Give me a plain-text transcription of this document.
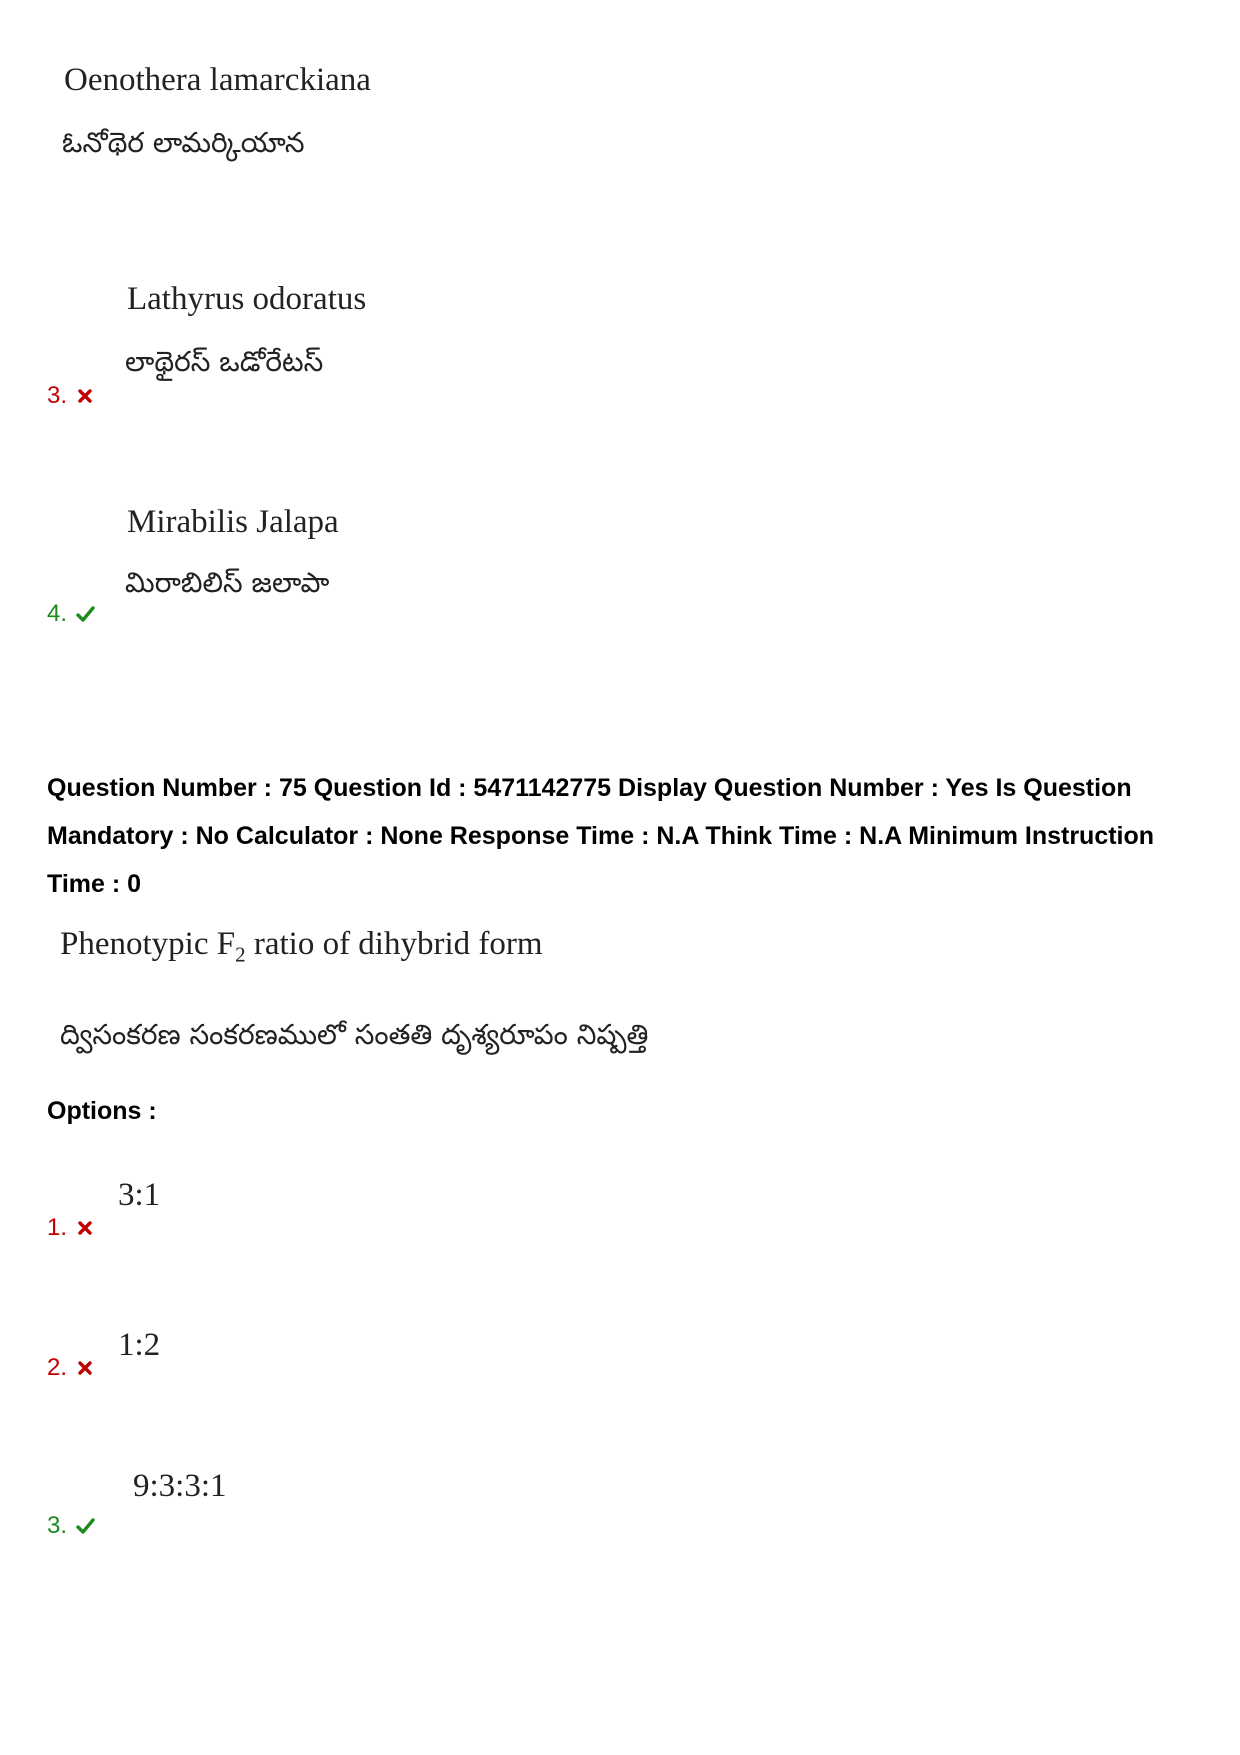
Oenothera lamarckiana
ఓనోథెర లామర్కియాన
Lathyrus odoratus
లాథైరస్ ఒడోరేటస్
3.
Mirabilis Jalapa
మిరాబిలిస్ జలాపా
4.
Question Number : 75 Question Id : 5471142775 Display Question Number : Yes Is Question Mandatory : No Calculator : None Response Time : N.A Think Time : N.A Minimum Instruction Time : 0
Phenotypic $F_2$ ratio of dihybrid form
ద్విసంకరణ సంకరణములో సంతతి దృశ్యరూపం నిష్పత్తి
Options :
3:1
1.
1:2
2.
9:3:3:1
3.
